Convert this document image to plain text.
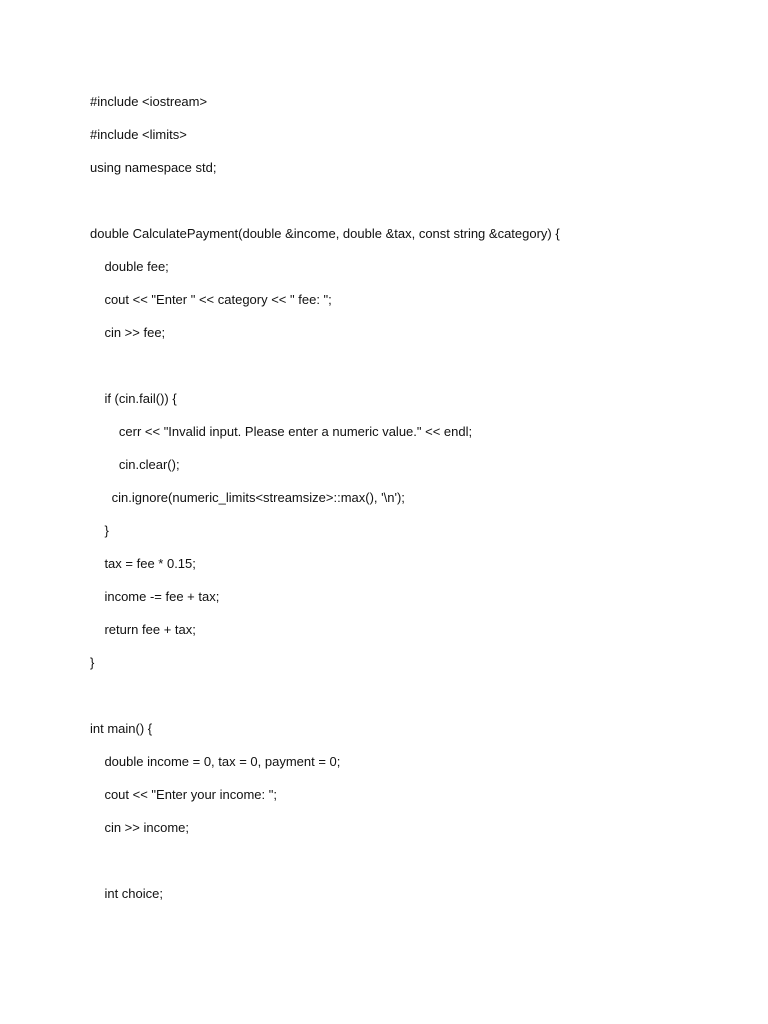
#include <iostream>
#include <limits>
using namespace std;
double CalculatePayment(double &income, double &tax, const string &category) {
double fee;
cout << "Enter " << category << " fee: ";
cin >> fee;
if (cin.fail()) {
cerr << "Invalid input. Please enter a numeric value." << endl;
cin.clear();
cin.ignore(numeric_limits<streamsize>::max(), '\n');
}
tax = fee * 0.15;
income -= fee + tax;
return fee + tax;
}
int main() {
double income = 0, tax = 0, payment = 0;
cout << "Enter your income: ";
cin >> income;
int choice;
